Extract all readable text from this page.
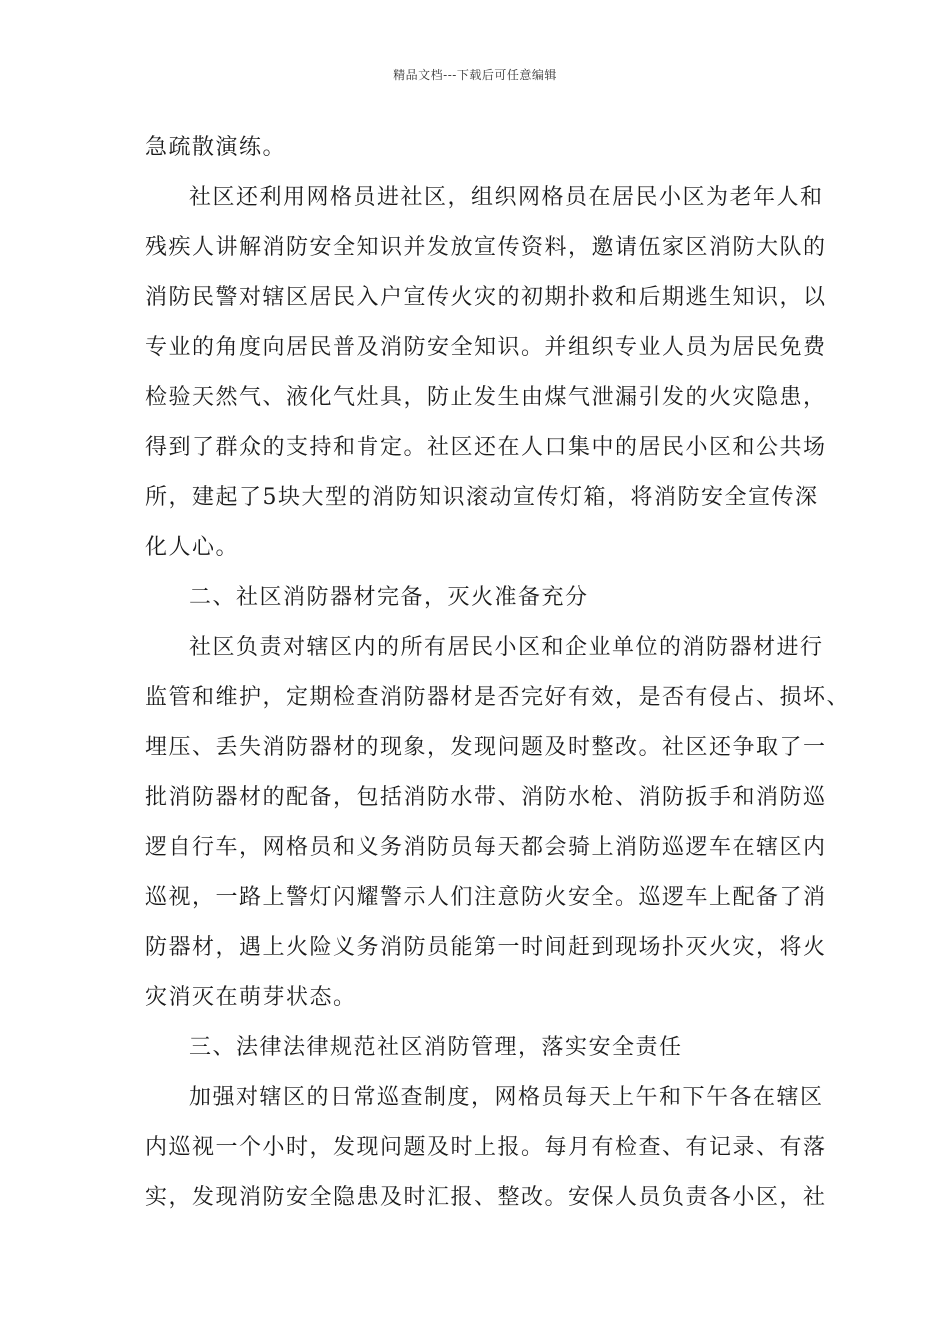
精品文档---下载后可任意编辑
急疏散演练。
社区还利用网格员进社区，组织网格员在居民小区为老年人和
残疾人讲解消防安全知识并发放宣传资料，邀请伍家区消防大队的
消防民警对辖区居民入户宣传火灾的初期扑救和后期逃生知识，以
专业的角度向居民普及消防安全知识。并组织专业人员为居民免费
检验天然气、液化气灶具，防止发生由煤气泄漏引发的火灾隐患，
得到了群众的支持和肯定。社区还在人口集中的居民小区和公共场
所，建起了5块大型的消防知识滚动宣传灯箱，将消防安全宣传深
化人心。
二、社区消防器材完备，灭火准备充分
社区负责对辖区内的所有居民小区和企业单位的消防器材进行
监管和维护，定期检查消防器材是否完好有效，是否有侵占、损坏、
埋压、丢失消防器材的现象，发现问题及时整改。社区还争取了一
批消防器材的配备，包括消防水带、消防水枪、消防扳手和消防巡
逻自行车，网格员和义务消防员每天都会骑上消防巡逻车在辖区内
巡视，一路上警灯闪耀警示人们注意防火安全。巡逻车上配备了消
防器材，遇上火险义务消防员能第一时间赶到现场扑灭火灾，将火
灾消灭在萌芽状态。
三、法律法律规范社区消防管理，落实安全责任
加强对辖区的日常巡查制度，网格员每天上午和下午各在辖区
内巡视一个小时，发现问题及时上报。每月有检查、有记录、有落
实，发现消防安全隐患及时汇报、整改。安保人员负责各小区，社
